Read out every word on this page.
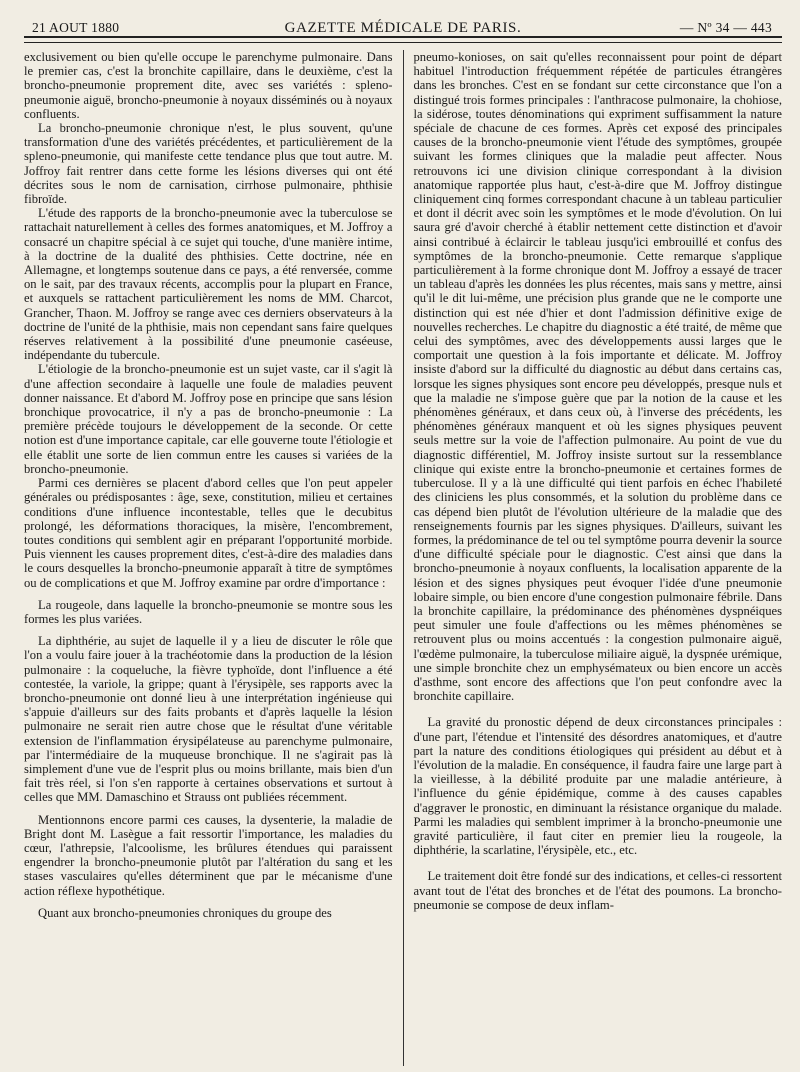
21 AOUT 1880	GAZETTE MÉDICALE DE PARIS.	— Nº 34 — 443

exclusivement ou bien qu'elle occupe le parenchyme pulmonaire. Dans le premier cas, c'est la bronchite capillaire, dans le deuxième, c'est la broncho-pneumonie proprement dite, avec ses variétés : spleno-pneumonie aiguë, broncho-pneumonie à noyaux disséminés ou à noyaux confluents.

La broncho-pneumonie chronique n'est, le plus souvent, qu'une transformation d'une des variétés précédentes, et particulièrement de la spleno-pneumonie, qui manifeste cette tendance plus que tout autre. M. Joffroy fait rentrer dans cette forme les lésions diverses qui ont été décrites sous le nom de carnisation, cirrhose pulmonaire, phthisie fibroïde.

L'étude des rapports de la broncho-pneumonie avec la tuberculose se rattachait naturellement à celles des formes anatomiques, et M. Joffroy a consacré un chapitre spécial à ce sujet qui touche, d'une manière intime, à la doctrine de la dualité des phthisies. Cette doctrine, née en Allemagne, et longtemps soutenue dans ce pays, a été renversée, comme on le sait, par des travaux récents, accomplis pour la plupart en France, et auxquels se rattachent particulièrement les noms de MM. Charcot, Grancher, Thaon. M. Joffroy se range avec ces derniers observateurs à la doctrine de l'unité de la phthisie, mais non cependant sans faire quelques réserves relativement à la possibilité d'une pneumonie caséeuse, indépendante du tubercule.

L'étiologie de la broncho-pneumonie est un sujet vaste, car il s'agit là d'une affection secondaire à laquelle une foule de maladies peuvent donner naissance. Et d'abord M. Joffroy pose en principe que sans lésion bronchique provocatrice, il n'y a pas de broncho-pneumonie : La première précède toujours le développement de la seconde. Or cette notion est d'une importance capitale, car elle gouverne toute l'étiologie et elle établit une sorte de lien commun entre les causes si variées de la broncho-pneumonie.

Parmi ces dernières se placent d'abord celles que l'on peut appeler générales ou prédisposantes : âge, sexe, constitution, milieu et certaines conditions d'une influence incontestable, telles que le decubitus prolongé, les déformations thoraciques, la misère, l'encombrement, toutes conditions qui semblent agir en préparant l'opportunité morbide. Puis viennent les causes proprement dites, c'est-à-dire des maladies dans le cours desquelles la broncho-pneumonie apparaît à titre de symptômes ou de complications et que M. Joffroy examine par ordre d'importance :

La rougeole, dans laquelle la broncho-pneumonie se montre sous les formes les plus variées.

La diphthérie, au sujet de laquelle il y a lieu de discuter le rôle que l'on a voulu faire jouer à la trachéotomie dans la production de la lésion pulmonaire : la coqueluche, la fièvre typhoïde, dont l'influence a été contestée, la variole, la grippe; quant à l'érysipèle, ses rapports avec la broncho-pneumonie ont donné lieu à une interprétation ingénieuse qui s'appuie d'ailleurs sur des faits probants et d'après laquelle la lésion pulmonaire ne serait rien autre chose que le résultat d'une véritable extension de l'inflammation érysipélateuse au parenchyme pulmonaire, par l'intermédiaire de la muqueuse bronchique. Il ne s'agirait pas là simplement d'une vue de l'esprit plus ou moins brillante, mais bien d'un fait très réel, si l'on s'en rapporte à certaines observations et surtout à celles que MM. Damaschino et Strauss ont publiées récemment.

Mentionnons encore parmi ces causes, la dysenterie, la maladie de Bright dont M. Lasègue a fait ressortir l'importance, les maladies du cœur, l'athrepsie, l'alcoolisme, les brûlures étendues qui paraissent engendrer la broncho-pneumonie plutôt par l'altération du sang et les stases vasculaires qu'elles déterminent que par le mécanisme d'une action réflexe hypothétique.

Quant aux broncho-pneumonies chroniques du groupe des

pneumo-konioses, on sait qu'elles reconnaissent pour point de départ habituel l'introduction fréquemment répétée de particules étrangères dans les bronches. C'est en se fondant sur cette circonstance que l'on a distingué trois formes principales : l'anthracose pulmonaire, la chohiose, la sidérose, toutes dénominations qui expriment suffisamment la nature spéciale de chacune de ces formes. Après cet exposé des principales causes de la broncho-pneumonie vient l'étude des symptômes, groupée suivant les formes cliniques que la maladie peut affecter. Nous retrouvons ici une division clinique correspondant à la division anatomique rapportée plus haut, c'est-à-dire que M. Joffroy distingue cliniquement cinq formes correspondant chacune à un tableau particulier et dont il décrit avec soin les symptômes et le mode d'évolution. On lui saura gré d'avoir cherché à établir nettement cette distinction et d'avoir ainsi contribué à éclaircir le tableau jusqu'ici embrouillé et confus des symptômes de la broncho-pneumonie. Cette remarque s'applique particulièrement à la forme chronique dont M. Joffroy a essayé de tracer un tableau d'après les données les plus récentes, mais sans y mettre, ainsi qu'il le dit lui-même, une précision plus grande que ne le comporte une distinction qui est née d'hier et dont l'admission définitive exige de nouvelles recherches. Le chapitre du diagnostic a été traité, de même que celui des symptômes, avec des développements aussi larges que le comportait une question à la fois importante et délicate. M. Joffroy insiste d'abord sur la difficulté du diagnostic au début dans certains cas, lorsque les signes physiques sont encore peu développés, presque nuls et que la maladie ne s'impose guère que par la notion de la cause et les phénomènes généraux, et dans ceux où, à l'inverse des précédents, les phénomènes généraux manquent et où les signes physiques peuvent seuls mettre sur la voie de l'affection pulmonaire. Au point de vue du diagnostic différentiel, M. Joffroy insiste surtout sur la ressemblance clinique qui existe entre la broncho-pneumonie et certaines formes de tuberculose. Il y a là une difficulté qui tient parfois en échec l'habileté des cliniciens les plus consommés, et la solution du problème dans ce cas dépend bien plutôt de l'évolution ultérieure de la maladie que des renseignements fournis par les signes physiques. D'ailleurs, suivant les formes, la prédominance de tel ou tel symptôme pourra devenir la source d'une difficulté spéciale pour le diagnostic. C'est ainsi que dans la broncho-pneumonie à noyaux confluents, la localisation apparente de la lésion et des signes physiques peut évoquer l'idée d'une pneumonie lobaire simple, ou bien encore d'une congestion pulmonaire fébrile. Dans la bronchite capillaire, la prédominance des phénomènes dyspnéiques peut simuler une foule d'affections ou les mêmes phénomènes se retrouvent plus ou moins accentués : la congestion pulmonaire aiguë, l'œdème pulmonaire, la tuberculose miliaire aiguë, la dyspnée urémique, une simple bronchite chez un emphysémateux ou bien encore un accès d'asthme, sont encore des affections que l'on peut confondre avec la bronchite capillaire.

La gravité du pronostic dépend de deux circonstances principales : d'une part, l'étendue et l'intensité des désordres anatomiques, et d'autre part la nature des conditions étiologiques qui président au début et à l'évolution de la maladie. En conséquence, il faudra faire une large part à la vieillesse, à la débilité produite par une maladie antérieure, à l'influence du génie épidémique, comme à des causes capables d'aggraver le pronostic, en diminuant la résistance organique du malade. Parmi les maladies qui semblent imprimer à la broncho-pneumonie une gravité particulière, il faut citer en premier lieu la rougeole, la diphthérie, la scarlatine, l'érysipèle, etc., etc.

Le traitement doit être fondé sur des indications, et celles-ci ressortent avant tout de l'état des bronches et de l'état des poumons. La broncho-pneumonie se compose de deux inflam-
